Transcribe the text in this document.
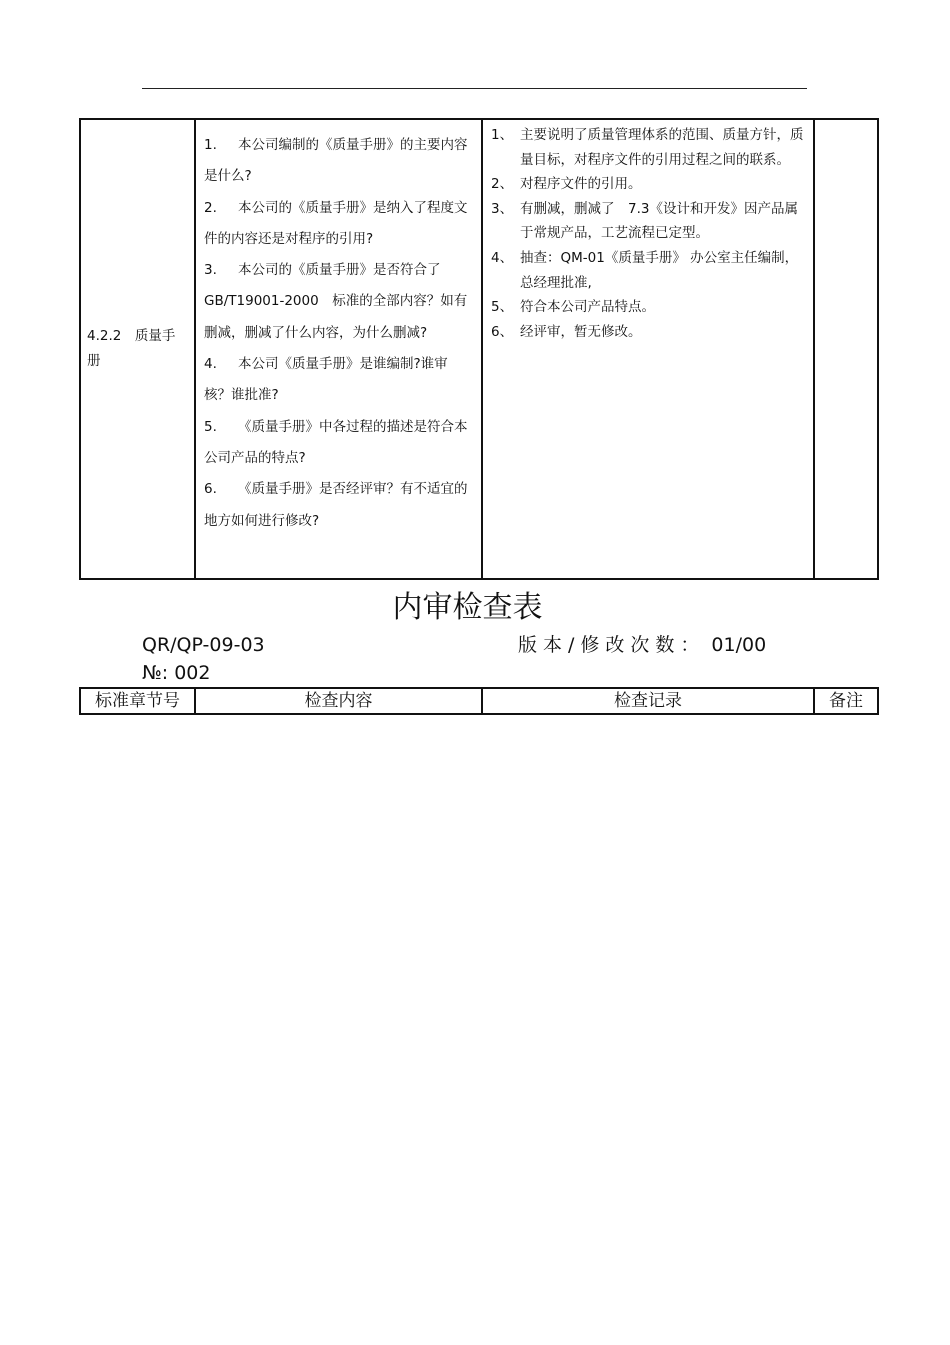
4.2.2　质量手册

1. 本公司编制的《质量手册》的主要内容是什么?
2. 本公司的《质量手册》是纳入了程度文件的内容还是对程序的引用?
3. 本公司的《质量手册》是否符合了　GB/T19001-2000　标准的全部内容？如有删减，删减了什么内容，为什么删减?
4. 本公司《质量手册》是谁编制?谁审核？谁批准?
5. 《质量手册》中各过程的描述是符合本公司产品的特点?
6. 《质量手册》是否经评审？有不适宜的地方如何进行修改?

1、 主要说明了质量管理体系的范围、质量方针，质量目标，对程序文件的引用过程之间的联系。
2、 对程序文件的引用。
3、 有删减，删减了　7.3《设计和开发》因产品属于常规产品，工艺流程已定型。
4、 抽查：QM-01《质量手册》 办公室主任编制，总经理批准,
5、 符合本公司产品特点。
6、 经评审，暂无修改。

内审检查表
QR/QP-09-03	版本/修改次数： 01/00
№: 002
标准章节号	检查内容	检查记录	备注
